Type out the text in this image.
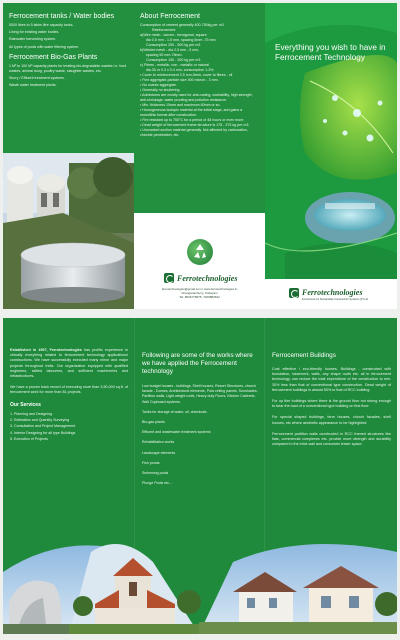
Ferrocement tanks / Water bodies

5000 litres to 5 lakhs litre capacity tanks.

Lining for existing water bodies.

Rainwater harvesting system.

All types of pools with water filtering system.

Ferrocement Bio-Gas Plants

1 M³ to 100 M³ capacity plants for treating bio-degradable wastes i.e. food wastes, animal dung, poultry waste, slaughter wastes, etc.

Slurry / Effluent treatment systems.

Waste water treatment plants.

About Ferrocement
Consumption of cement generally 400-750kg per m3
Reinforcement
a)Wire mesh - woven - hexagonal, square
dia 0.5 mm - 1.5 mm, spacing 6mm -75 mm.
Consumption 250 - 500 kg per m3
b)Welded mesh - dia 2.5 mm - 5 mm,
spacing 50 mm-75mm.
Consumption 150 - 300 kg per m3
c) Fibres - metallic, non - metallic or natural
dia.35 or 0.3 x 0.4 mm, consumption 1-3%
• Cover to reinforcement 2.5 mm-5mm, cover to fibres - nil
• Fine aggregate-particle size 400 micron - 3 mm.
• No coarse aggregate.
• Generally no shuttering.
• Admixtures are mostly used for anti-rusting, workability, high strength, anti-shrinkage, water proofing and pollution resistance.
• Min. thickness 10mm and maximum 60mm or so.
• Homogeneous isotopic material at the initial stage, and gains a monolithic format after construction.
• Fire resistant up to 750°C for a period of 48 hours or even more.
• Dead weight of ferrocement frame structure is 175 - 375 kg per m3.
• Uncracked section material generally. Not affected by carbonation, chloride penetration, etc.
Ferrotechnologies
ferrotechnologies@gmail.com | www.ferrotechnologies.in
Changanacherry, Kottayam
Tel: 9846776875, 7025880632
Everything you wish to have in Ferrocement Technology
Ferrotechnologies
Ferrocement & Sustainable Construction Systems (P) Ltd

Established in 1997, Ferrotechnologies has prolific experience in virtually everything related to ferrocement technology applications/ constructions. We have successfully executed many minor and major projects throughout India. Our organization equipped with qualified engineers, skilled labourers, and sufficient machineries and infrastructures.

We have a proven track record of executing more than 3,50,000 sq.ft. of ferrocement work for more than 81 projects.

Our Services

1. Planning and Designing

2. Estimation and Quantity Surveying

3. Consultation and Project Management

4. Interior Designing for all type Buildings

5. Execution of Projects

Following are some of the works where we have applied the Ferrocement technology

Low budget houses - buildings, Shell houses, Resort Structures, church facade - Domes, Architectural elements, Pola ceiling panels, Sunshades, Partition walls, Light weight roofs, Heavy duty Floors, Kitchen Cabinets, Wall Cupboard systems.

Tanks for storage of water, oil, chemicals

Bio-gas plants

Effluent and wastewater treatment systems

Rehabilitation works

Landscape elements

Fish ponds

Swimming pools

Plunge Pools etc...

Ferrocement Buildings

Cost effective / eco-friendly houses, Buildings - constructed with foundation, basement, walls, any shape roofs etc. all in ferrocement technology, can reduce the total expenditure of the construction to min. 30% less than that of conventional type construction. Dead weight of ferrocement buildings is almost 50% to that of RCC building.

For up tiler buildings where there is the ground floor not strong enough to bear the load of a conventional type building on first floor.

For special shaped buildings, farm houses, church facades, shell houses, etc where aesthetic appearance to be highlighted.

Ferrocement partition walls constructed in RCC framed structures like flats, commercial complexes etc. provide more strength and durability compared to the brick wall and consumes lesser space.
